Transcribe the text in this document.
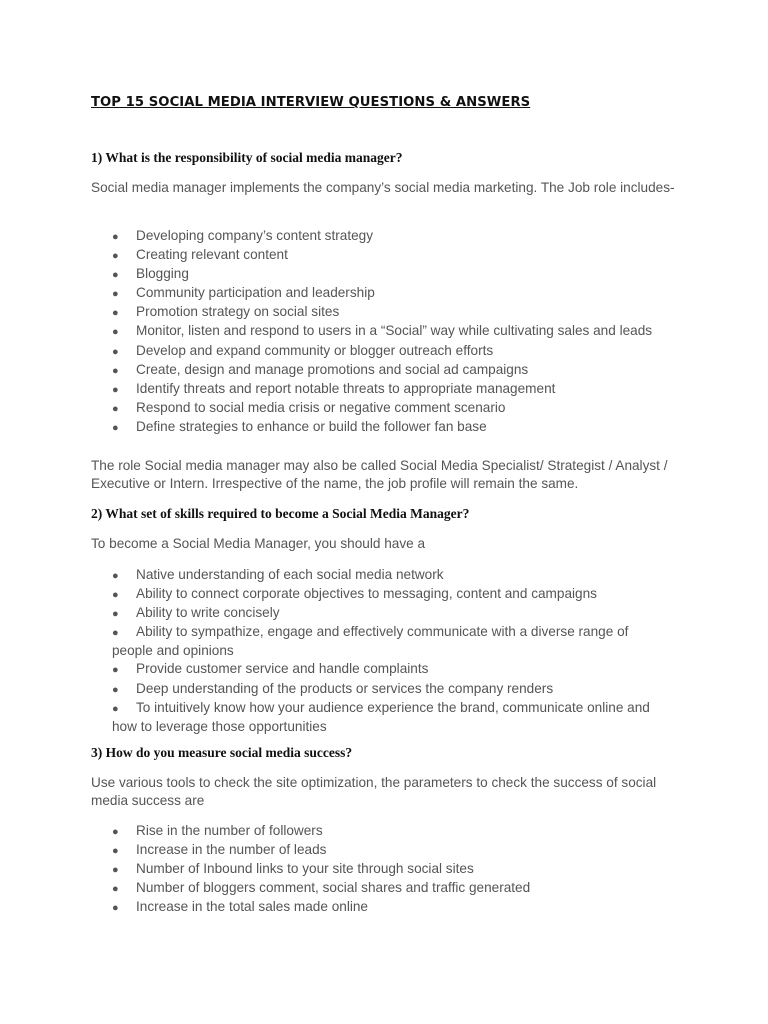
TOP 15 SOCIAL MEDIA INTERVIEW QUESTIONS & ANSWERS
1) What is the responsibility of social media manager?
Social media manager implements the company’s social media marketing. The Job role includes-
● Developing company’s content strategy
● Creating relevant content
● Blogging
● Community participation and leadership
● Promotion strategy on social sites
● Monitor, listen and respond to users in a “Social” way while cultivating sales and leads
● Develop and expand community or blogger outreach efforts
● Create, design and manage promotions and social ad campaigns
● Identify threats and report notable threats to appropriate management
● Respond to social media crisis or negative comment scenario
● Define strategies to enhance or build the follower fan base
The role Social media manager may also be called Social Media Specialist/ Strategist / Analyst / Executive or Intern. Irrespective of the name, the job profile will remain the same.
2) What set of skills required to become a Social Media Manager?
To become a Social Media Manager, you should have a
● Native understanding of each social media network
● Ability to connect corporate objectives to messaging, content and campaigns
● Ability to write concisely
● Ability to sympathize, engage and effectively communicate with a diverse range of people and opinions
● Provide customer service and handle complaints
● Deep understanding of the products or services the company renders
● To intuitively know how your audience experience the brand, communicate online and how to leverage those opportunities
3) How do you measure social media success?
Use various tools to check the site optimization, the parameters to check the success of social media success are
● Rise in the number of followers
● Increase in the number of leads
● Number of Inbound links to your site through social sites
● Number of bloggers comment, social shares and traffic generated
● Increase in the total sales made online
